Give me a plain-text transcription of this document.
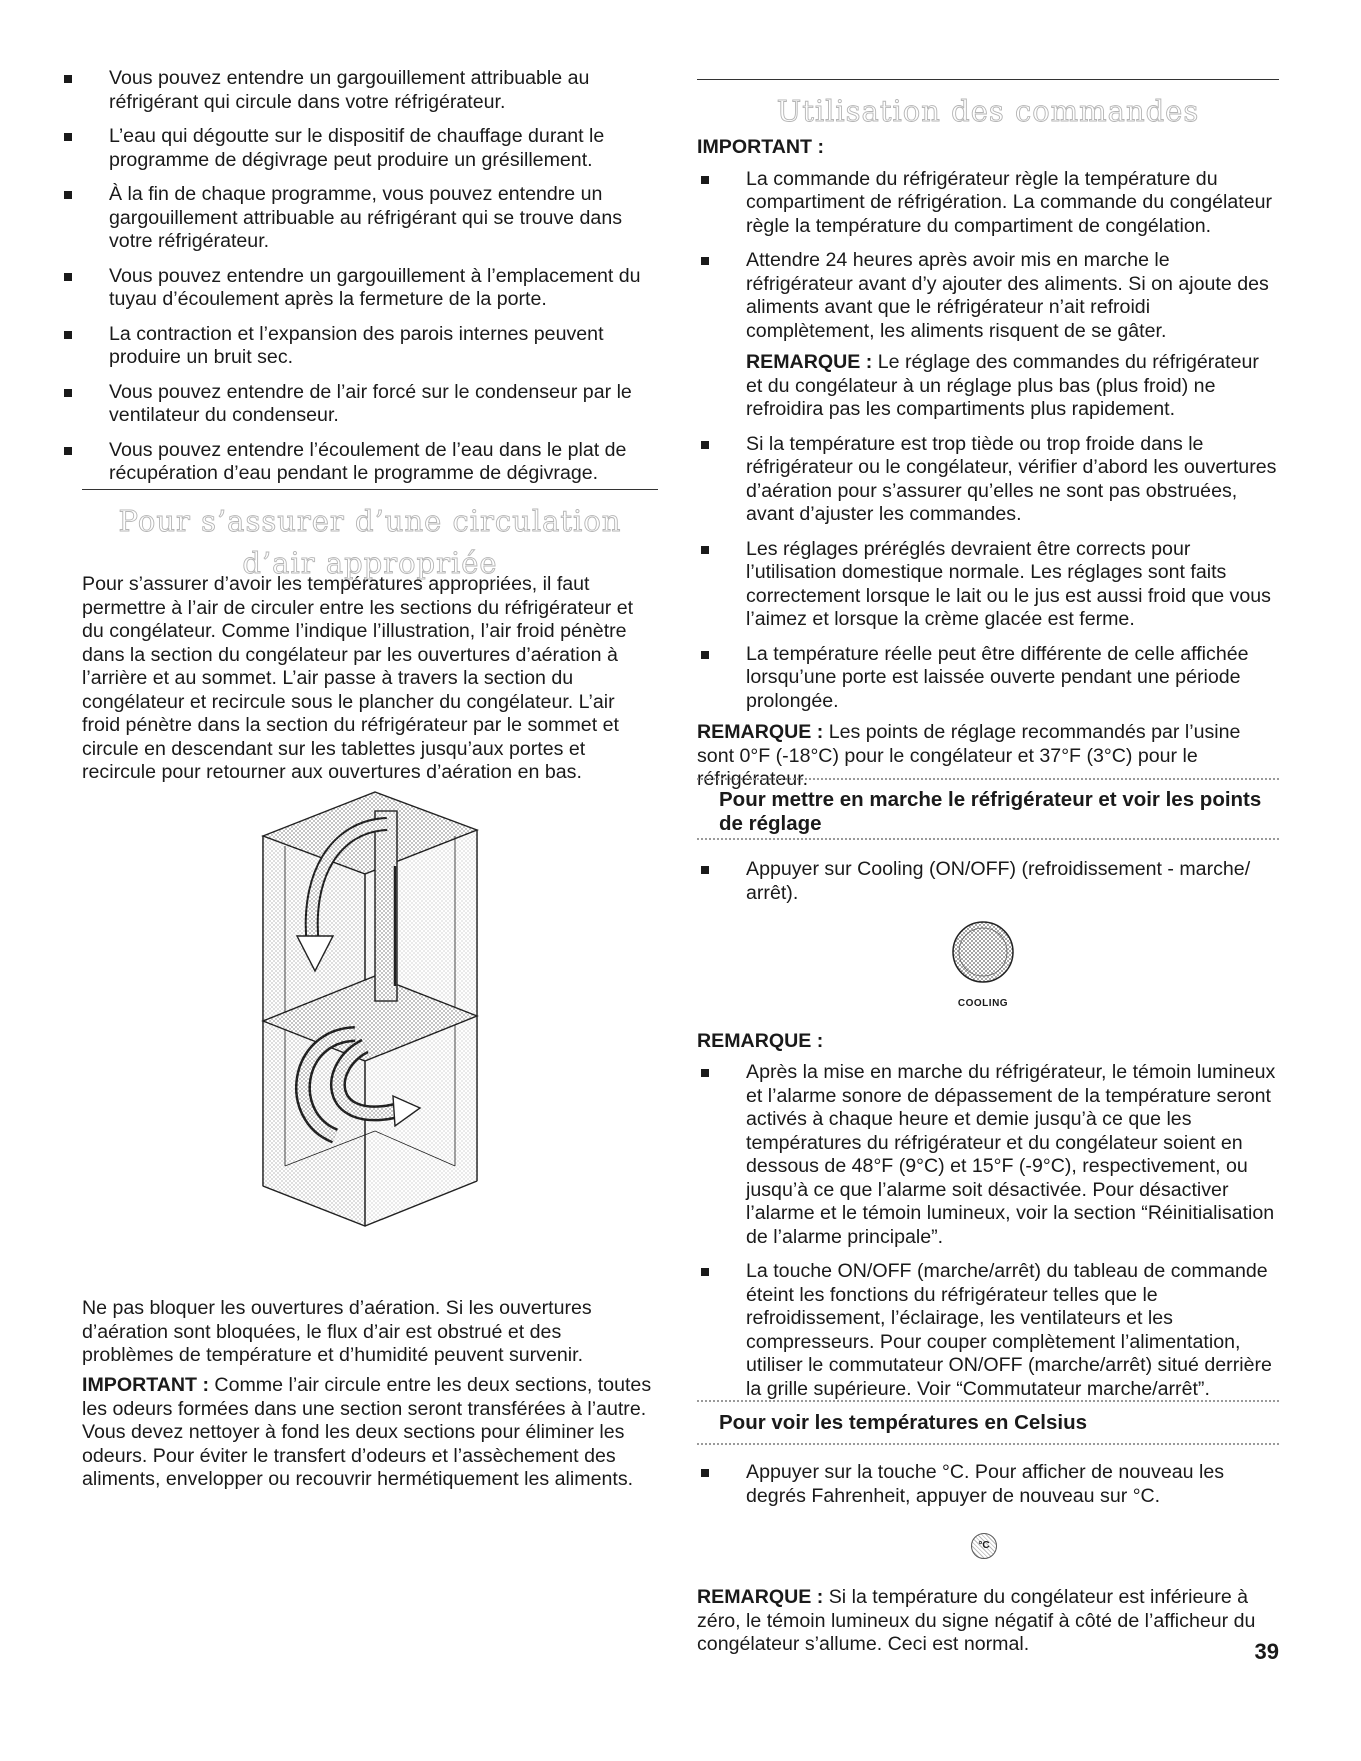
Vous pouvez entendre un gargouillement attribuable au réfrigérant qui circule dans votre réfrigérateur.
L’eau qui dégoutte sur le dispositif de chauffage durant le programme de dégivrage peut produire un grésillement.
À la fin de chaque programme, vous pouvez entendre un gargouillement attribuable au réfrigérant qui se trouve dans votre réfrigérateur.
Vous pouvez entendre un gargouillement à l’emplacement du tuyau d’écoulement après la fermeture de la porte.
La contraction et l’expansion des parois internes peuvent produire un bruit sec.
Vous pouvez entendre de l’air forcé sur le condenseur par le ventilateur du condenseur.
Vous pouvez entendre l’écoulement de l’eau dans le plat de récupération d’eau pendant le programme de dégivrage.
Pour s’assurer d’une circulation d’air appropriée

Pour s’assurer d’avoir les températures appropriées, il faut permettre à l’air de circuler entre les sections du réfrigérateur et du congélateur. Comme l’indique l’illustration, l’air froid pénètre dans la section du congélateur par les ouvertures d’aération à l’arrière et au sommet. L’air passe à travers la section du congélateur et recircule sous le plancher du congélateur. L’air froid pénètre dans la section du réfrigérateur par le sommet et circule en descendant sur les tablettes jusqu’aux portes et recircule pour retourner aux ouvertures d’aération en bas.

Ne pas bloquer les ouvertures d’aération. Si les ouvertures d’aération sont bloquées, le flux d’air est obstrué et des problèmes de température et d’humidité peuvent survenir.

IMPORTANT : Comme l’air circule entre les deux sections, toutes les odeurs formées dans une section seront transférées à l’autre. Vous devez nettoyer à fond les deux sections pour éliminer les odeurs. Pour éviter le transfert d’odeurs et l’assèchement des aliments, envelopper ou recouvrir hermétiquement les aliments.

Utilisation des commandes
IMPORTANT :
La commande du réfrigérateur règle la température du compartiment de réfrigération. La commande du congélateur règle la température du compartiment de congélation.
Attendre 24 heures après avoir mis en marche le réfrigérateur avant d’y ajouter des aliments. Si on ajoute des aliments avant que le réfrigérateur n’ait refroidi complètement, les aliments risquent de se gâter.

REMARQUE : Le réglage des commandes du réfrigérateur et du congélateur à un réglage plus bas (plus froid) ne refroidira pas les compartiments plus rapidement.

Si la température est trop tiède ou trop froide dans le réfrigérateur ou le congélateur, vérifier d’abord les ouvertures d’aération pour s’assurer qu’elles ne sont pas obstruées, avant d’ajuster les commandes.
Les réglages préréglés devraient être corrects pour l’utilisation domestique normale. Les réglages sont faits correctement lorsque le lait ou le jus est aussi froid que vous l’aimez et lorsque la crème glacée est ferme.
La température réelle peut être différente de celle affichée lorsqu’une porte est laissée ouverte pendant une période prolongée.

REMARQUE : Les points de réglage recommandés par l’usine sont 0°F (-18°C) pour le congélateur et 37°F (3°C) pour le réfrigérateur.

Pour mettre en marche le réfrigérateur et voir les points de réglage
Appuyer sur Cooling (ON/OFF) (refroidissement - marche/ arrêt).
COOLING
REMARQUE :
Après la mise en marche du réfrigérateur, le témoin lumineux et l’alarme sonore de dépassement de la température seront activés à chaque heure et demie jusqu’à ce que les températures du réfrigérateur et du congélateur soient en dessous de 48°F (9°C) et 15°F (-9°C), respectivement, ou jusqu’à ce que l’alarme soit désactivée. Pour désactiver l’alarme et le témoin lumineux, voir la section “Réinitialisation de l’alarme principale”.
La touche ON/OFF (marche/arrêt) du tableau de commande éteint les fonctions du réfrigérateur telles que le refroidissement, l’éclairage, les ventilateurs et les compresseurs. Pour couper complètement l’alimentation, utiliser le commutateur ON/OFF (marche/arrêt) situé derrière la grille supérieure. Voir “Commutateur marche/arrêt”.
Pour voir les températures en Celsius
Appuyer sur la touche °C. Pour afficher de nouveau les degrés Fahrenheit, appuyer de nouveau sur °C.
°C

REMARQUE : Si la température du congélateur est inférieure à zéro, le témoin lumineux du signe négatif à côté de l’afficheur du congélateur s’allume. Ceci est normal.	39
